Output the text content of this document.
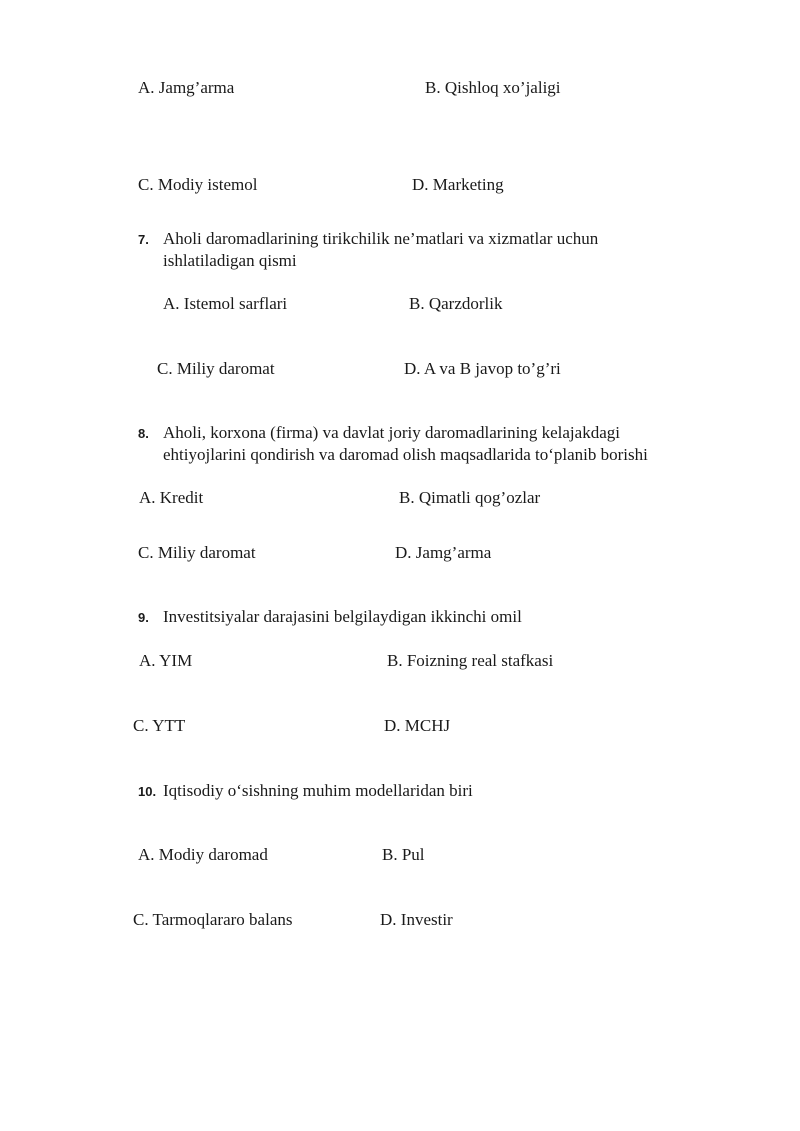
A. Jamg’arma	B. Qishloq xo’jaligi
C. Modiy istemol	D. Marketing
7. Aholi daromadlarining tirikchilik ne’matlari va xizmatlar uchun
ishlatiladigan qismi
A. Istemol sarflari	B. Qarzdorlik
C. Miliy daromat	D. A va B javop to’g’ri
8. Aholi, korxona (firma) va davlat joriy daromadlarining kelajakdagi
ehtiyojlarini qondirish va daromad olish maqsadlarida to‘planib borishi
A. Kredit	B. Qimatli qog’ozlar
C. Miliy daromat	D. Jamg’arma
9. Investitsiyalar darajasini belgilaydigan ikkinchi omil
A. YIM	B. Foizning real stafkasi
C. YTT	D. MCHJ
10. Iqtisodiy o‘sishning muhim modellaridan biri
A. Modiy daromad	B. Pul
C. Tarmoqlararo balans	D. Investir
